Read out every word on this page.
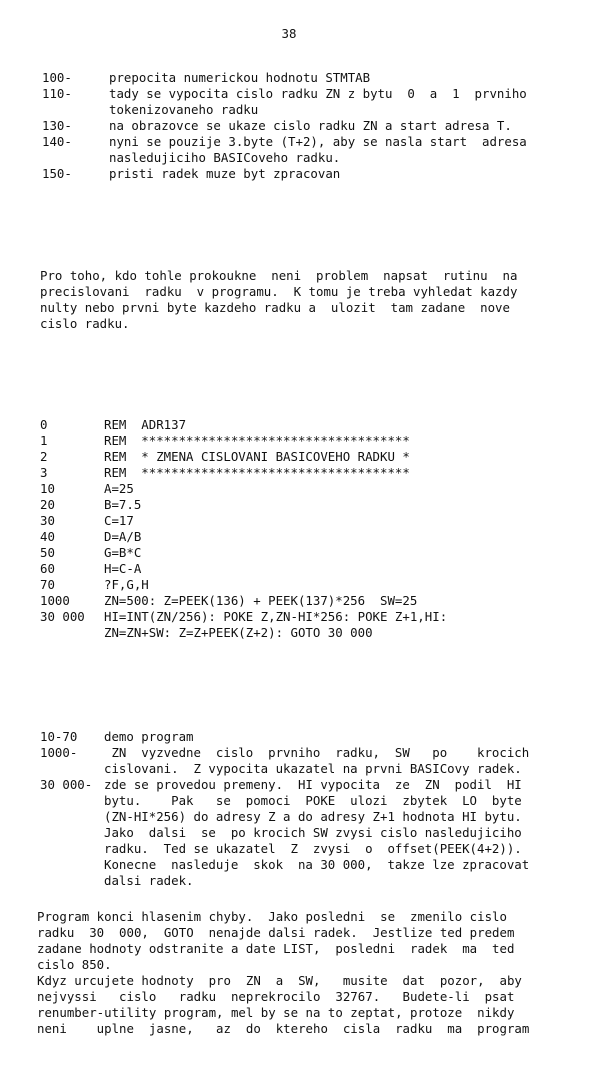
38
100-	prepocita numerickou hodnotu STMTAB
110-	tady se vypocita cislo radku ZN z bytu  0  a  1  prvniho
tokenizovaneho radku
130-	na obrazovce se ukaze cislo radku ZN a start adresa T.
140-	nyni se pouzije 3.byte (T+2), aby se nasla start  adresa
nasledujiciho BASICoveho radku.
150-	pristi radek muze byt zpracovan
Pro toho, kdo tohle prokoukne  neni  problem  napsat  rutinu  na
precislovani  radku  v programu.  K tomu je treba vyhledat kazdy
nulty nebo prvni byte kazdeho radku a  ulozit  tam zadane  nove
cislo radku.
0	REM  ADR137
1	REM  ************************************
2	REM  * ZMENA CISLOVANI BASICOVEHO RADKU *
3	REM  ************************************
10	A=25
20	B=7.5
30	C=17
40	D=A/B
50	G=B*C
60	H=C-A
70	?F,G,H
1000	ZN=500: Z=PEEK(136) + PEEK(137)*256  SW=25
30 000	HI=INT(ZN/256): POKE Z,ZN-HI*256: POKE Z+1,HI:
ZN=ZN+SW: Z=Z+PEEK(Z+2): GOTO 30 000
10-70	demo program
1000-	ZN  vyzvedne  cislo  prvniho  radku,  SW   po    krocich
cislovani.  Z vypocita ukazatel na prvni BASICovy radek.
30 000- zde se provedou premeny.  HI vypocita  ze  ZN  podil  HI
bytu.    Pak   se  pomoci  POKE  ulozi  zbytek  LO  byte
(ZN-HI*256) do adresy Z a do adresy Z+1 hodnota HI bytu.
Jako  dalsi  se  po krocich SW zvysi cislo nasledujiciho
radku.  Ted se ukazatel  Z  zvysi  o  offset(PEEK(4+2)).
Konecne  nasleduje  skok  na 30 000,  takze lze zpracovat
dalsi radek.
Program konci hlasenim chyby.  Jako posledni  se  zmenilo cislo
radku  30  000,  GOTO  nenajde dalsi radek.  Jestlize ted predem
zadane hodnoty odstranite a date LIST,  posledni  radek  ma  ted
cislo 850.
Kdyz urcujete hodnoty  pro  ZN  a  SW,   musite  dat  pozor,  aby
nejvyssi   cislo   radku  neprekrocilo  32767.   Budete-li  psat
renumber-utility program, mel by se na to zeptat, protoze  nikdy
neni    uplne  jasne,   az  do  ktereho  cisla  radku  ma  program
